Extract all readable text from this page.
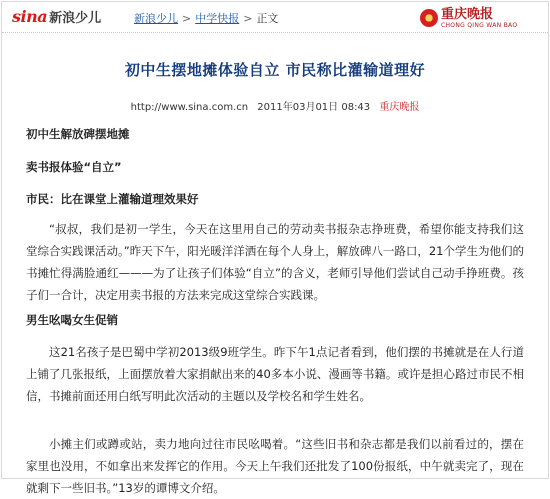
sina 新浪少儿	新浪少儿 > 中学快报 > 正文	重庆晚报
CHONG QING WAN BAO
初中生摆地摊体验自立 市民称比灌输道理好
http://www.sina.com.cn 2011年03月01日 08:43 重庆晚报

初中生解放碑摆地摊

卖书报体验“自立”

市民：比在课堂上灌输道理效果好

“叔叔，我们是初一学生，今天在这里用自己的劳动卖书报杂志挣班费，希望你能支持我们这堂综合实践课活动。”昨天下午，阳光暖洋洋洒在每个人身上，解放碑八一路口，21个学生为他们的书摊忙得满脸通红———为了让孩子们体验“自立”的含义，老师引导他们尝试自己动手挣班费。孩子们一合计，决定用卖书报的方法来完成这堂综合实践课。

男生吆喝女生促销

这21名孩子是巴蜀中学初2013级9班学生。昨下午1点记者看到，他们摆的书摊就是在人行道上铺了几张报纸，上面摆放着大家捐献出来的40多本小说、漫画等书籍。或许是担心路过市民不相信，书摊前面还用白纸写明此次活动的主题以及学校名和学生姓名。

小摊主们或蹲或站，卖力地向过往市民吆喝着。“这些旧书和杂志都是我们以前看过的，摆在家里也没用，不如拿出来发挥它的作用。今天上午我们还批发了100份报纸，中午就卖完了，现在就剩下一些旧书。”13岁的谭博文介绍。
